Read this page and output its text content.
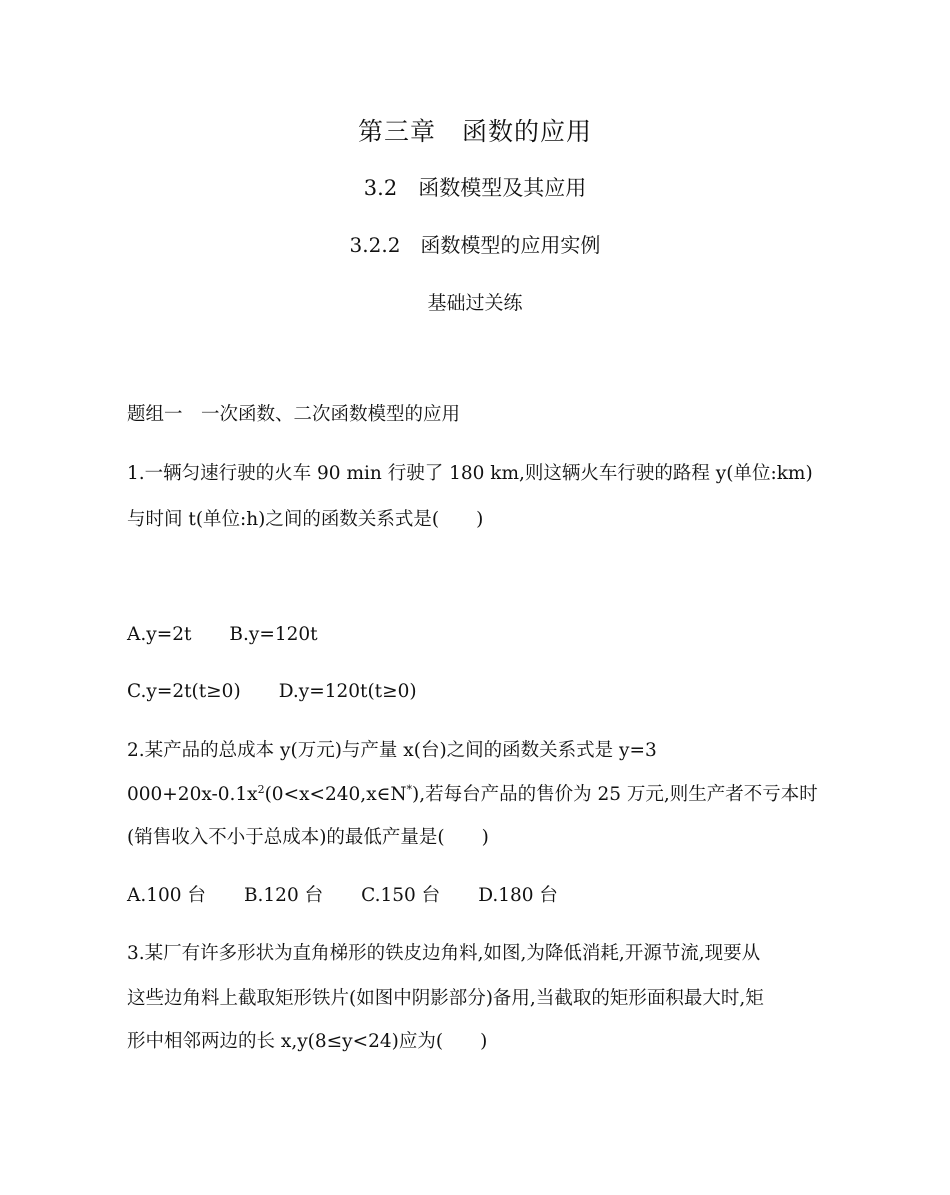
第三章　函数的应用
3.2　函数模型及其应用
3.2.2　函数模型的应用实例
基础过关练
题组一　一次函数、二次函数模型的应用
1.一辆匀速行驶的火车 90 min 行驶了 180 km,则这辆火车行驶的路程 y(单位:km)
与时间 t(单位:h)之间的函数关系式是(　　)
A.y=2t B.y=120t
C.y=2t(t≥0) D.y=120t(t≥0)
2.某产品的总成本 y(万元)与产量 x(台)之间的函数关系式是 y=3
$000+20x-0.1x^2(0<x<240,x\in N^*)$,若每台产品的售价为 25 万元,则生产者不亏本时
(销售收入不小于总成本)的最低产量是(　　)
A.100 台 B.120 台 C.150 台 D.180 台
3.某厂有许多形状为直角梯形的铁皮边角料,如图,为降低消耗,开源节流,现要从
这些边角料上截取矩形铁片(如图中阴影部分)备用,当截取的矩形面积最大时,矩
形中相邻两边的长 x,y(8≤y<24)应为(　　)
